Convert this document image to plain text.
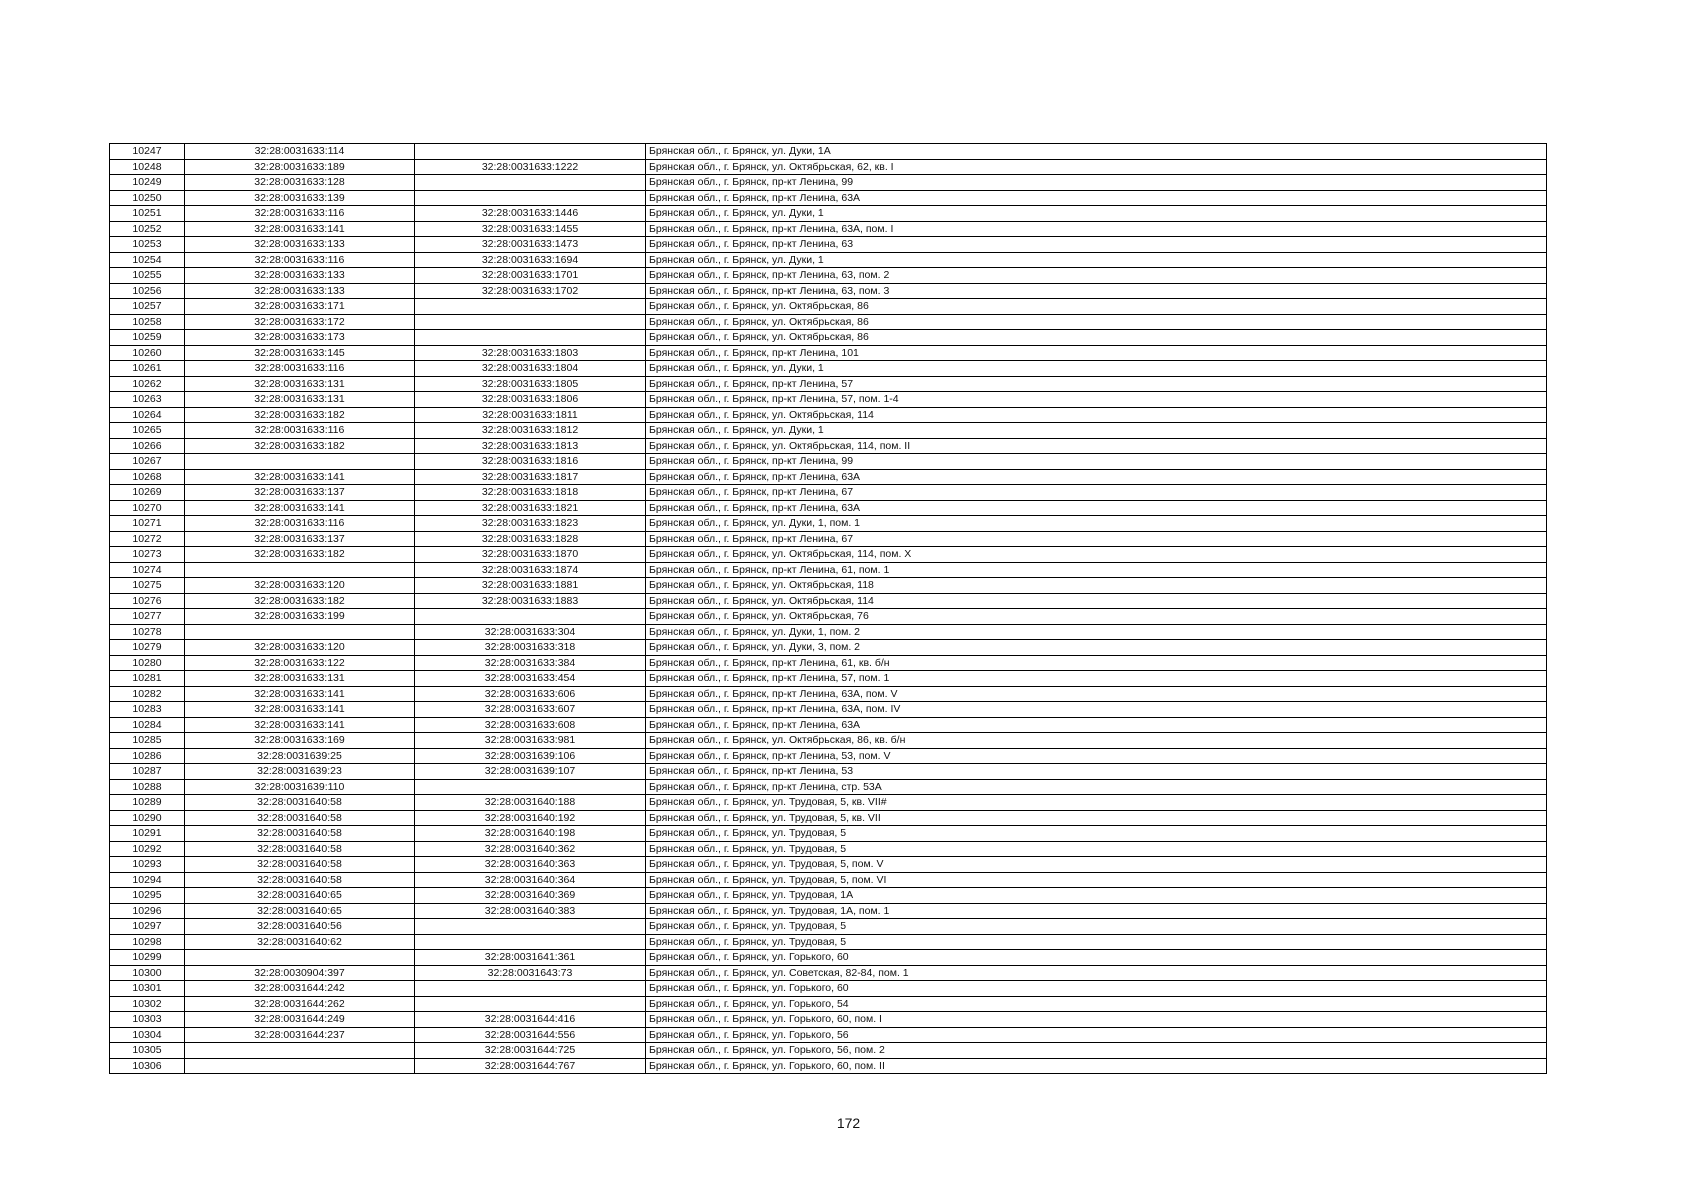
10247	32:28:0031633:114		Брянская обл., г. Брянск, ул. Дуки, 1А
10248	32:28:0031633:189	32:28:0031633:1222	Брянская обл., г. Брянск, ул. Октябрьская, 62, кв. I
10249	32:28:0031633:128		Брянская обл., г. Брянск, пр-кт Ленина, 99
10250	32:28:0031633:139		Брянская обл., г. Брянск, пр-кт Ленина, 63А
10251	32:28:0031633:116	32:28:0031633:1446	Брянская обл., г. Брянск, ул. Дуки, 1
10252	32:28:0031633:141	32:28:0031633:1455	Брянская обл., г. Брянск, пр-кт Ленина, 63А, пом. I
10253	32:28:0031633:133	32:28:0031633:1473	Брянская обл., г. Брянск, пр-кт Ленина, 63
10254	32:28:0031633:116	32:28:0031633:1694	Брянская обл., г. Брянск, ул. Дуки, 1
10255	32:28:0031633:133	32:28:0031633:1701	Брянская обл., г. Брянск, пр-кт Ленина, 63, пом. 2
10256	32:28:0031633:133	32:28:0031633:1702	Брянская обл., г. Брянск, пр-кт Ленина, 63, пом. 3
10257	32:28:0031633:171		Брянская обл., г. Брянск, ул. Октябрьская, 86
10258	32:28:0031633:172		Брянская обл., г. Брянск, ул. Октябрьская, 86
10259	32:28:0031633:173		Брянская обл., г. Брянск, ул. Октябрьская, 86
10260	32:28:0031633:145	32:28:0031633:1803	Брянская обл., г. Брянск, пр-кт Ленина, 101
10261	32:28:0031633:116	32:28:0031633:1804	Брянская обл., г. Брянск, ул. Дуки, 1
10262	32:28:0031633:131	32:28:0031633:1805	Брянская обл., г. Брянск, пр-кт Ленина, 57
10263	32:28:0031633:131	32:28:0031633:1806	Брянская обл., г. Брянск, пр-кт Ленина, 57, пом. 1-4
10264	32:28:0031633:182	32:28:0031633:1811	Брянская обл., г. Брянск, ул. Октябрьская, 114
10265	32:28:0031633:116	32:28:0031633:1812	Брянская обл., г. Брянск, ул. Дуки, 1
10266	32:28:0031633:182	32:28:0031633:1813	Брянская обл., г. Брянск, ул. Октябрьская, 114, пом. II
10267		32:28:0031633:1816	Брянская обл., г. Брянск, пр-кт Ленина, 99
10268	32:28:0031633:141	32:28:0031633:1817	Брянская обл., г. Брянск, пр-кт Ленина, 63А
10269	32:28:0031633:137	32:28:0031633:1818	Брянская обл., г. Брянск, пр-кт Ленина, 67
10270	32:28:0031633:141	32:28:0031633:1821	Брянская обл., г. Брянск, пр-кт Ленина, 63А
10271	32:28:0031633:116	32:28:0031633:1823	Брянская обл., г. Брянск, ул. Дуки, 1, пом. 1
10272	32:28:0031633:137	32:28:0031633:1828	Брянская обл., г. Брянск, пр-кт Ленина, 67
10273	32:28:0031633:182	32:28:0031633:1870	Брянская обл., г. Брянск, ул. Октябрьская, 114, пом. X
10274		32:28:0031633:1874	Брянская обл., г. Брянск, пр-кт Ленина, 61, пом. 1
10275	32:28:0031633:120	32:28:0031633:1881	Брянская обл., г. Брянск, ул. Октябрьская, 118
10276	32:28:0031633:182	32:28:0031633:1883	Брянская обл., г. Брянск, ул. Октябрьская, 114
10277	32:28:0031633:199		Брянская обл., г. Брянск, ул. Октябрьская, 76
10278		32:28:0031633:304	Брянская обл., г. Брянск, ул. Дуки, 1, пом. 2
10279	32:28:0031633:120	32:28:0031633:318	Брянская обл., г. Брянск, ул. Дуки, 3, пом. 2
10280	32:28:0031633:122	32:28:0031633:384	Брянская обл., г. Брянск, пр-кт Ленина, 61, кв. б/н
10281	32:28:0031633:131	32:28:0031633:454	Брянская обл., г. Брянск, пр-кт Ленина, 57, пом. 1
10282	32:28:0031633:141	32:28:0031633:606	Брянская обл., г. Брянск, пр-кт Ленина, 63А, пом. V
10283	32:28:0031633:141	32:28:0031633:607	Брянская обл., г. Брянск, пр-кт Ленина, 63А, пом. IV
10284	32:28:0031633:141	32:28:0031633:608	Брянская обл., г. Брянск, пр-кт Ленина, 63А
10285	32:28:0031633:169	32:28:0031633:981	Брянская обл., г. Брянск, ул. Октябрьская, 86, кв. б/н
10286	32:28:0031639:25	32:28:0031639:106	Брянская обл., г. Брянск, пр-кт Ленина, 53, пом. V
10287	32:28:0031639:23	32:28:0031639:107	Брянская обл., г. Брянск, пр-кт Ленина, 53
10288	32:28:0031639:110		Брянская обл., г. Брянск, пр-кт Ленина, стр. 53А
10289	32:28:0031640:58	32:28:0031640:188	Брянская обл., г. Брянск, ул. Трудовая, 5, кв. VII#
10290	32:28:0031640:58	32:28:0031640:192	Брянская обл., г. Брянск, ул. Трудовая, 5, кв. VII
10291	32:28:0031640:58	32:28:0031640:198	Брянская обл., г. Брянск, ул. Трудовая, 5
10292	32:28:0031640:58	32:28:0031640:362	Брянская обл., г. Брянск, ул. Трудовая, 5
10293	32:28:0031640:58	32:28:0031640:363	Брянская обл., г. Брянск, ул. Трудовая, 5, пом. V
10294	32:28:0031640:58	32:28:0031640:364	Брянская обл., г. Брянск, ул. Трудовая, 5, пом. VI
10295	32:28:0031640:65	32:28:0031640:369	Брянская обл., г. Брянск, ул. Трудовая, 1А
10296	32:28:0031640:65	32:28:0031640:383	Брянская обл., г. Брянск, ул. Трудовая, 1А, пом. 1
10297	32:28:0031640:56		Брянская обл., г. Брянск, ул. Трудовая, 5
10298	32:28:0031640:62		Брянская обл., г. Брянск, ул. Трудовая, 5
10299		32:28:0031641:361	Брянская обл., г. Брянск, ул. Горького, 60
10300	32:28:0030904:397	32:28:0031643:73	Брянская обл., г. Брянск, ул. Советская, 82-84, пом. 1
10301	32:28:0031644:242		Брянская обл., г. Брянск, ул. Горького, 60
10302	32:28:0031644:262		Брянская обл., г. Брянск, ул. Горького, 54
10303	32:28:0031644:249	32:28:0031644:416	Брянская обл., г. Брянск, ул. Горького, 60, пом. I
10304	32:28:0031644:237	32:28:0031644:556	Брянская обл., г. Брянск, ул. Горького, 56
10305		32:28:0031644:725	Брянская обл., г. Брянск, ул. Горького, 56, пом. 2
10306		32:28:0031644:767	Брянская обл., г. Брянск, ул. Горького, 60, пом. II
172
